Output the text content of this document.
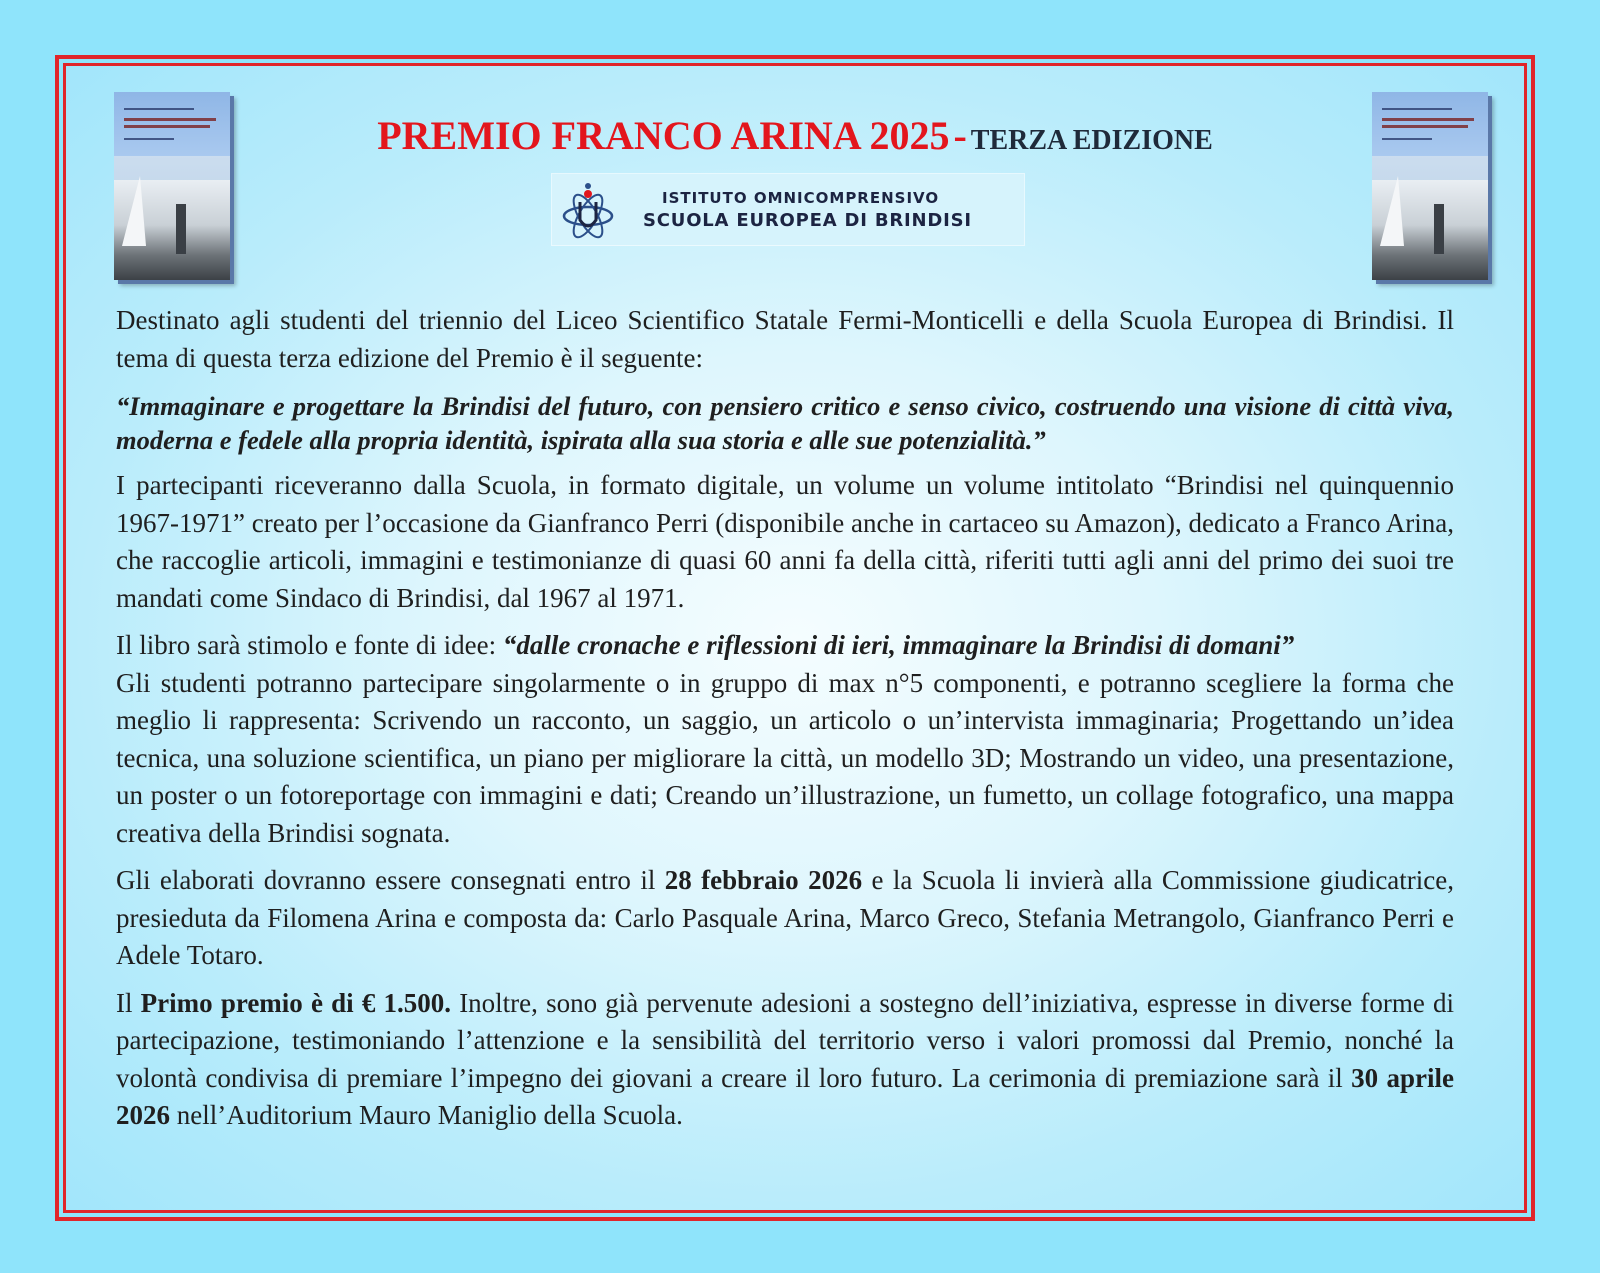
PREMIO FRANCO ARINA 2025 - TERZA EDIZIONE
ISTITUTO OMNICOMPRENSIVO
SCUOLA EUROPEA DI BRINDISI

Destinato agli studenti del triennio del Liceo Scientifico Statale Fermi-Monticelli e della Scuola Europea di Brindisi. Il tema di questa terza edizione del Premio è il seguente:

“Immaginare e progettare la Brindisi del futuro, con pensiero critico e senso civico, costruendo una visione di città viva, moderna e fedele alla propria identità, ispirata alla sua storia e alle sue potenzialità.”

I partecipanti riceveranno dalla Scuola, in formato digitale, un volume un volume intitolato “Brindisi nel quinquennio 1967-1971” creato per l’occasione da Gianfranco Perri (disponibile anche in cartaceo su Amazon), dedicato a Franco Arina, che raccoglie articoli, immagini e testimonianze di quasi 60 anni fa della città, riferiti tutti agli anni del primo dei suoi tre mandati come Sindaco di Brindisi, dal 1967 al 1971.

Il libro sarà stimolo e fonte di idee: “dalle cronache e riflessioni di ieri, immaginare la Brindisi di domani”

Gli studenti potranno partecipare singolarmente o in gruppo di max n°5 componenti, e potranno scegliere la forma che meglio li rappresenta: Scrivendo un racconto, un saggio, un articolo o un’intervista immaginaria; Progettando un’idea tecnica, una soluzione scientifica, un piano per migliorare la città, un modello 3D; Mostrando un video, una presentazione, un poster o un fotoreportage con immagini e dati; Creando un’illustrazione, un fumetto, un collage fotografico, una mappa creativa della Brindisi sognata.

Gli elaborati dovranno essere consegnati entro il 28 febbraio 2026 e la Scuola li invierà alla Commissione giudicatrice, presieduta da Filomena Arina e composta da: Carlo Pasquale Arina, Marco Greco, Stefania Metrangolo, Gianfranco Perri e Adele Totaro.

Il Primo premio è di € 1.500. Inoltre, sono già pervenute adesioni a sostegno dell’iniziativa, espresse in diverse forme di partecipazione, testimoniando l’attenzione e la sensibilità del territorio verso i valori promossi dal Premio, nonché la volontà condivisa di premiare l’impegno dei giovani a creare il loro futuro. La cerimonia di premiazione sarà il 30 aprile 2026 nell’Auditorium Mauro Maniglio della Scuola.
